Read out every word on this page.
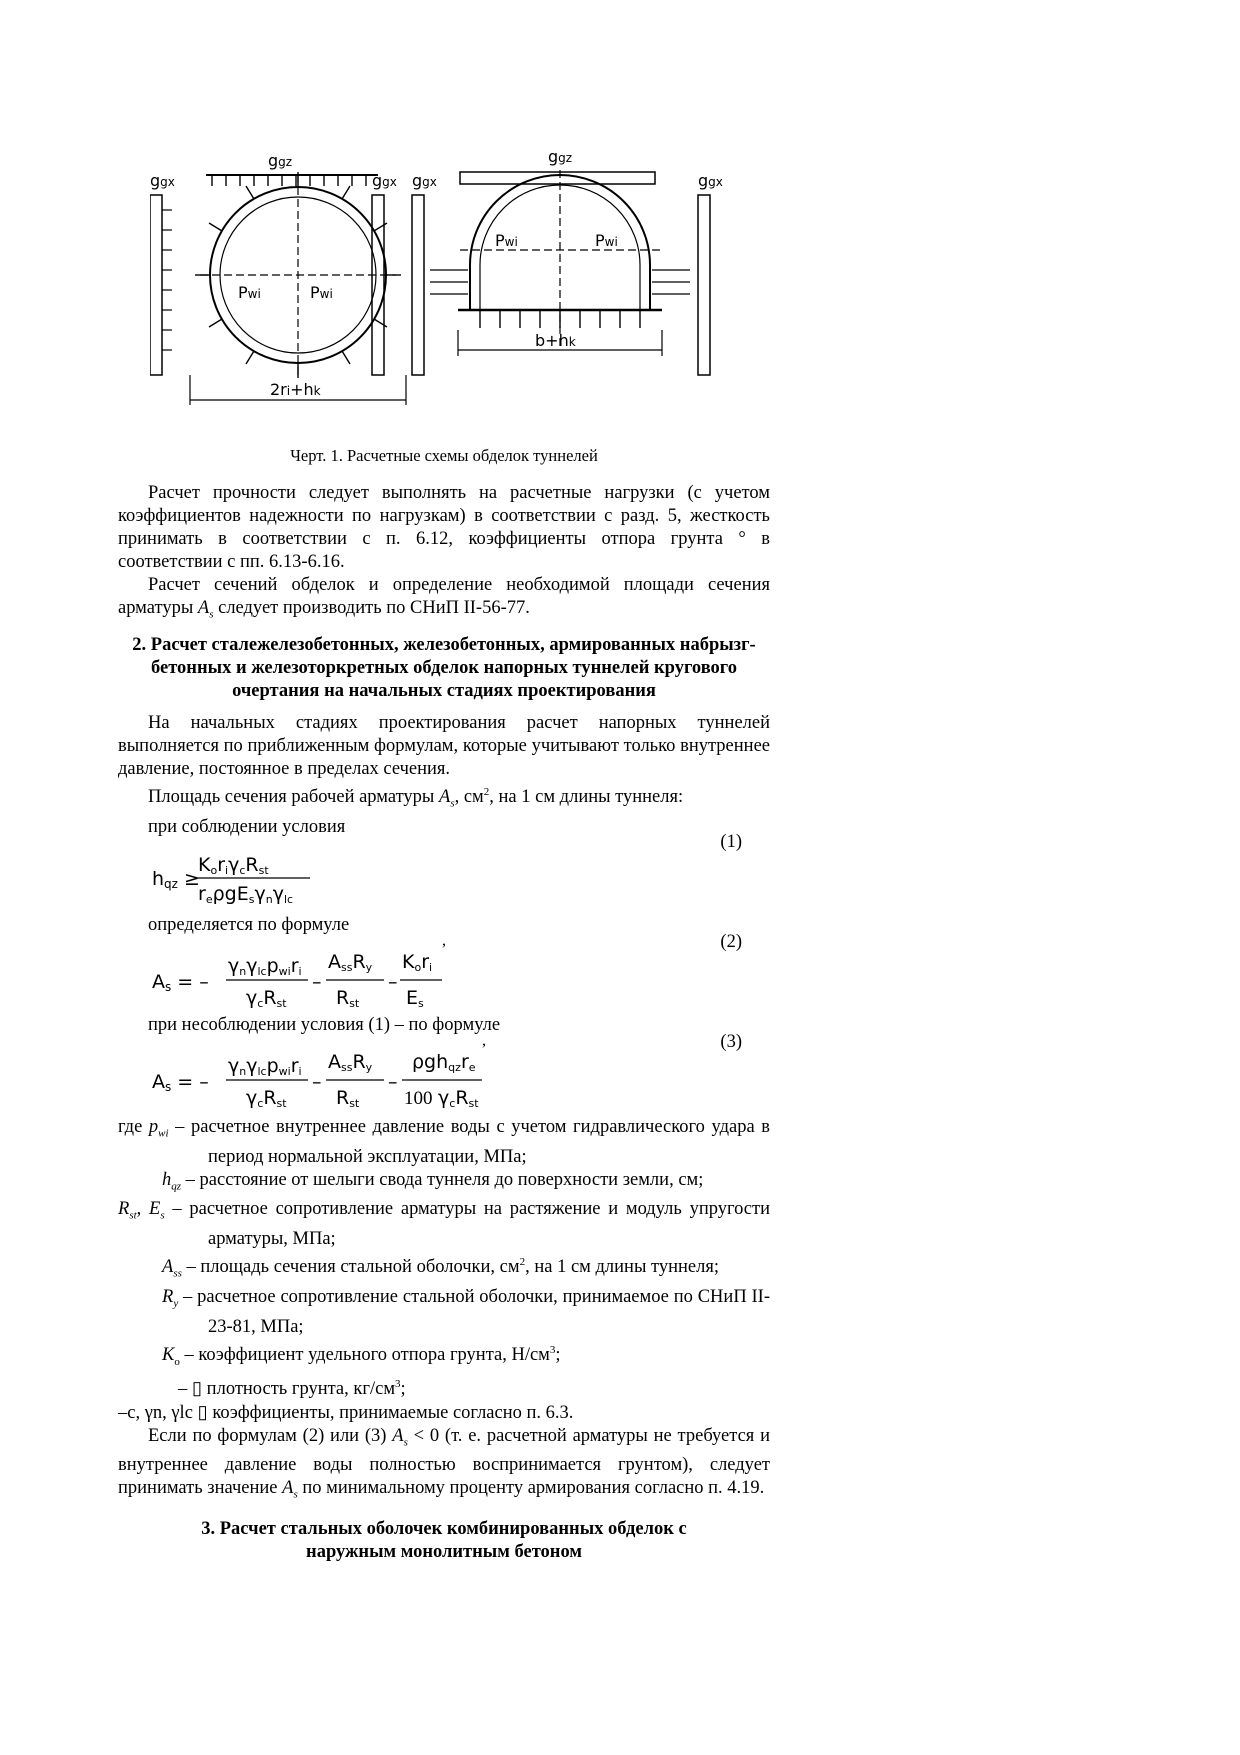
ggz
ggx	ggx
Pwi	Pwi
2ri+hk
ggz
ggx	ggx
Pwi	Pwi
b+hk
Черт. 1. Расчетные схемы обделок туннелей

Расчет прочности следует выполнять на расчетные нагрузки (с учетом коэффициентов надежности по нагрузкам) в соответствии с разд. 5, жесткость принимать в соответствии с п. 6.12, коэффициенты отпора грунта ° в соответствии с пп. 6.13-6.16.

Расчет сечений обделок и определение необходимой площади сечения арматуры $A_s$ следует производить по СНиП II-56-77.

2. Расчет сталежелезобетонных, железобетонных, армированных набрызг-бетонных и железоторкретных обделок напорных туннелей кругового очертания на начальных стадиях проектирования

На начальных стадиях проектирования расчет напорных туннелей выполняется по приближенным формулам, которые учитывают только внутреннее давление, постоянное в пределах сечения.

Площадь сечения рабочей арматуры $A_s$, $см^2$, на 1 см длины туннеля:

при соблюдении условия
(1)
hqz ≥
KoriγcRst
reρgEsγnγlc
определяется по формуле
(2)
,
As = –
γnγlcpwiri
γcRst
–
AssRy
Rst
–
Kori
Es
при несоблюдении условия (1) – по формуле
(3)
,
As = –
γnγlcpwiri
γcRst
–
AssRy
Rst
–
ρghqzre
100 γcRst

где $p_{wi}$ – расчетное внутреннее давление воды с учетом гидравлического удара в период нормальной эксплуатации, МПа;

$h_{qz}$ – расстояние от шелыги свода туннеля до поверхности земли, см;

$R_{st}$, $E_s$ – расчетное сопротивление арматуры на растяжение и модуль упругости арматуры, МПа;

$A_{ss}$ – площадь сечения стальной оболочки, $см^2$, на 1 см длины туннеля;

$R_y$ – расчетное сопротивление стальной оболочки, принимаемое по СНиП II-23-81, МПа;

$K_o$ – коэффициент удельного отпора грунта, $Н/см^3$;

– ▯ плотность грунта, $кг/см^3$;

–c, γn, γlc ▯ коэффициенты, принимаемые согласно п. 6.3.

Если по формулам (2) или (3) $A_s < 0$ (т. е. расчетной арматуры не требуется и внутреннее давление воды полностью воспринимается грунтом), следует принимать значение $A_s$ по минимальному проценту армирования согласно п. 4.19.

3. Расчет стальных оболочек комбинированных обделок с наружным монолитным бетоном
